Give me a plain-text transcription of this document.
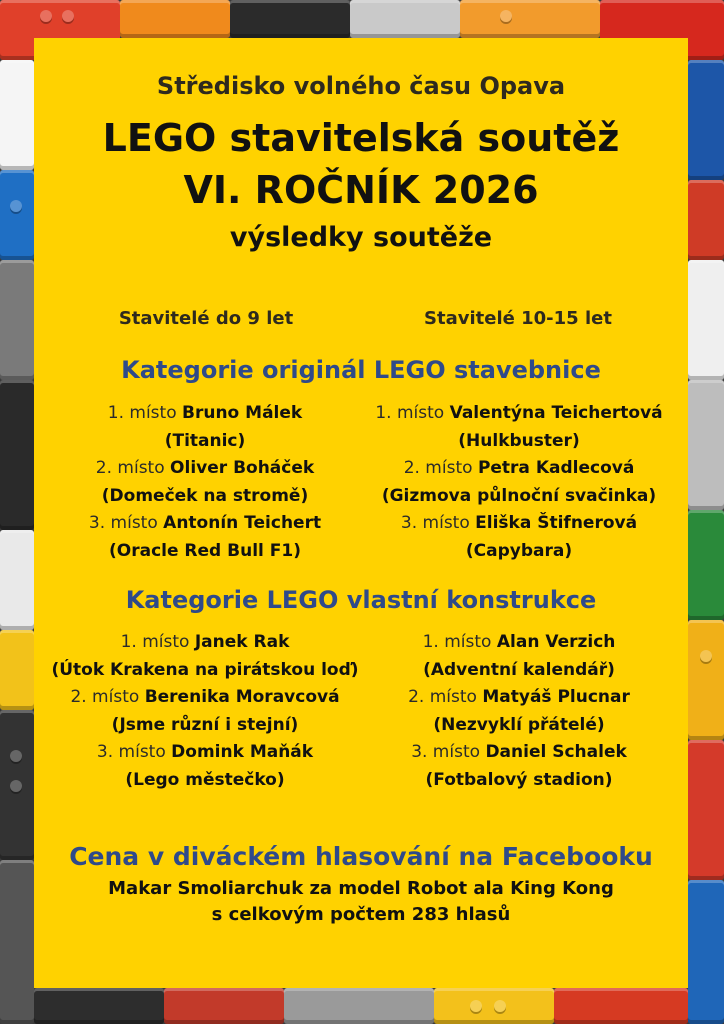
Středisko volného času Opava
LEGO stavitelská soutěž
VI. ROČNÍK 2026
výsledky soutěže
Stavitelé do 9 let	Stavitelé 10-15 let
Kategorie originál LEGO stavebnice
1. místo Bruno Málek
(Titanic)
2. místo Oliver Boháček
(Domeček na stromě)
3. místo Antonín Teichert
(Oracle Red Bull F1)
1. místo Valentýna Teichertová
(Hulkbuster)
2. místo Petra Kadlecová
(Gizmova půlnoční svačinka)
3. místo Eliška Štifnerová
(Capybara)
Kategorie LEGO vlastní konstrukce
1. místo Janek Rak
(Útok Krakena na pirátskou loď)
2. místo Berenika Moravcová
(Jsme různí i stejní)
3. místo Domink Maňák
(Lego městečko)
1. místo Alan Verzich
(Adventní kalendář)
2. místo Matyáš Plucnar
(Nezvyklí přátelé)
3. místo Daniel Schalek
(Fotbalový stadion)
Cena v diváckém hlasování na Facebooku
Makar Smoliarchuk za model Robot ala King Kong
s celkovým počtem 283 hlasů
